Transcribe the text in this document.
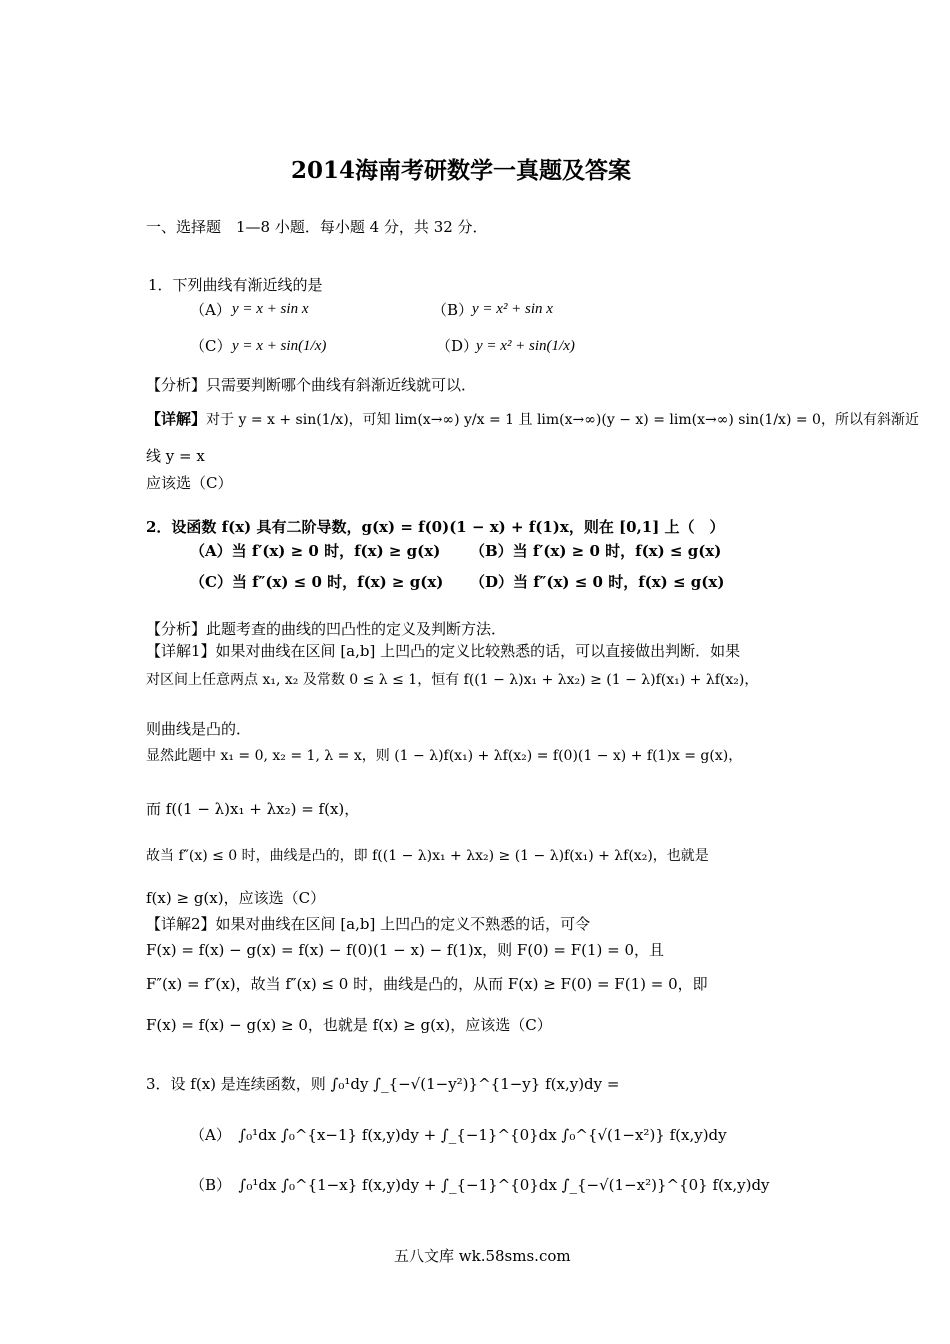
2014海南考研数学一真题及答案
一、选择题　1—8 小题．每小题 4 分，共 32 分．
1．下列曲线有渐近线的是
（A） y = x + sin x	（B）
y = x² + sin x
（C） y = x + sin(1/x)	（D）
y = x² + sin(1/x)
【分析】只需要判断哪个曲线有斜渐近线就可以．
【详解】对于 y = x + sin(1/x)，可知 lim(x→∞) y/x = 1 且 lim(x→∞)(y − x) = lim(x→∞) sin(1/x) = 0，所以有斜渐近
线 y = x
应该选（C）
2．设函数 f(x) 具有二阶导数，g(x) = f(0)(1 − x) + f(1)x，则在 [0,1] 上（　）
（A）当 f′(x) ≥ 0 时，f(x) ≥ g(x) （B）当 f′(x) ≥ 0 时，f(x) ≤ g(x)
（C）当 f″(x) ≤ 0 时，f(x) ≥ g(x) （D）当 f″(x) ≤ 0 时，f(x) ≤ g(x)
【分析】此题考查的曲线的凹凸性的定义及判断方法．
【详解1】如果对曲线在区间 [a,b] 上凹凸的定义比较熟悉的话，可以直接做出判断．如果
对区间上任意两点 x₁, x₂ 及常数 0 ≤ λ ≤ 1，恒有 f((1 − λ)x₁ + λx₂) ≥ (1 − λ)f(x₁) + λf(x₂)，
则曲线是凸的．
显然此题中 x₁ = 0, x₂ = 1, λ = x，则 (1 − λ)f(x₁) + λf(x₂) = f(0)(1 − x) + f(1)x = g(x)，
而 f((1 − λ)x₁ + λx₂) = f(x)，
故当 f″(x) ≤ 0 时，曲线是凸的，即 f((1 − λ)x₁ + λx₂) ≥ (1 − λ)f(x₁) + λf(x₂)，也就是
f(x) ≥ g(x)，应该选（C）
【详解2】如果对曲线在区间 [a,b] 上凹凸的定义不熟悉的话，可令
F(x) = f(x) − g(x) = f(x) − f(0)(1 − x) − f(1)x，则 F(0) = F(1) = 0，且
F″(x) = f″(x)，故当 f″(x) ≤ 0 时，曲线是凸的，从而 F(x) ≥ F(0) = F(1) = 0，即
F(x) = f(x) − g(x) ≥ 0，也就是 f(x) ≥ g(x)，应该选（C）
3．设 f(x) 是连续函数，则 ∫₀¹dy ∫_{−√(1−y²)}^{1−y} f(x,y)dy =
（A）　∫₀¹dx ∫₀^{x−1} f(x,y)dy + ∫_{−1}^{0}dx ∫₀^{√(1−x²)} f(x,y)dy
（B）　∫₀¹dx ∫₀^{1−x} f(x,y)dy + ∫_{−1}^{0}dx ∫_{−√(1−x²)}^{0} f(x,y)dy
五八文库 wk.58sms.com
